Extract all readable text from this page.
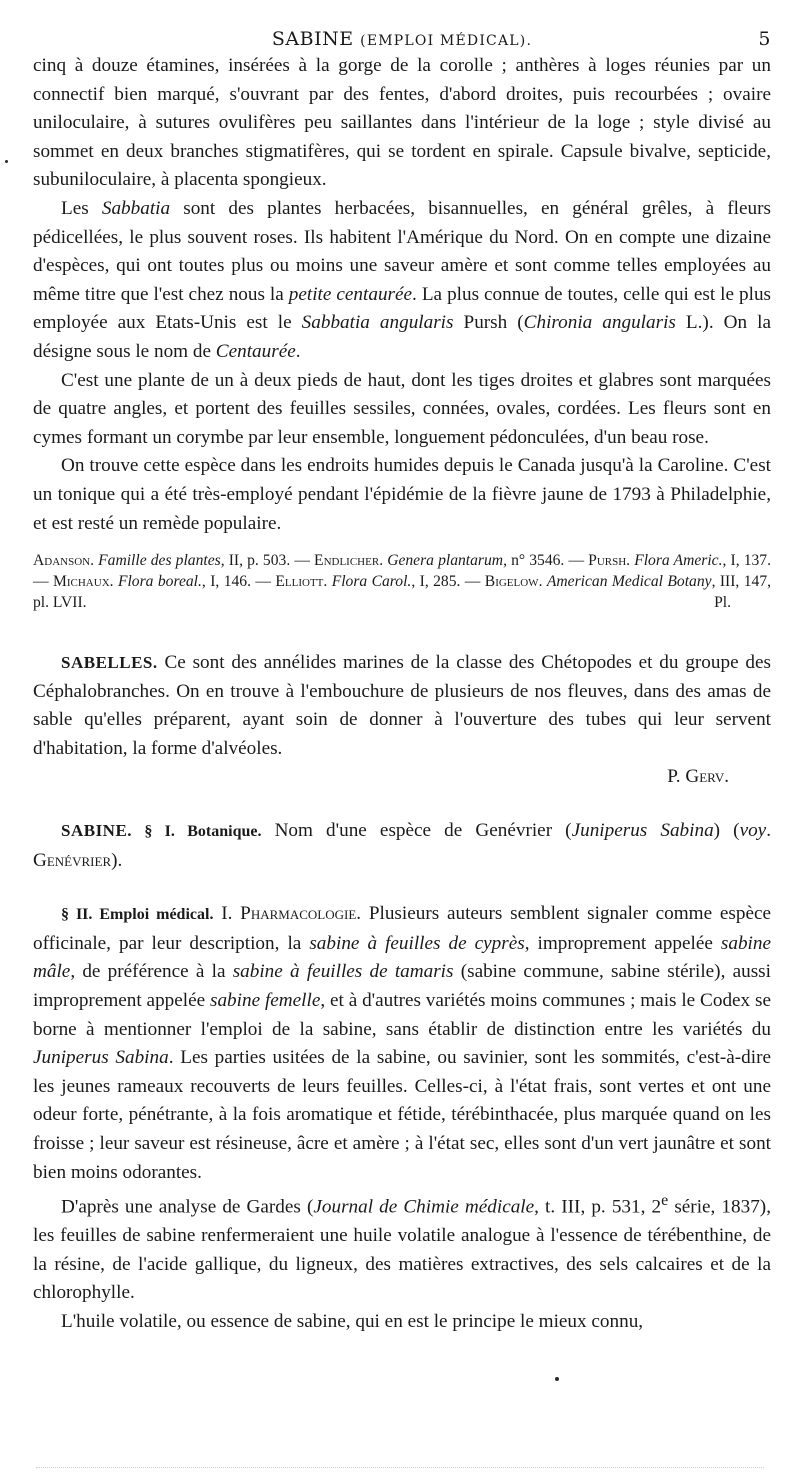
SABINE (EMPLOI MÉDICAL).	5

cinq à douze étamines, insérées à la gorge de la corolle ; anthères à loges réunies par un connectif bien marqué, s'ouvrant par des fentes, d'abord droites, puis recourbées ; ovaire uniloculaire, à sutures ovulifères peu saillantes dans l'intérieur de la loge ; style divisé au sommet en deux branches stigmatifères, qui se tordent en spirale. Capsule bivalve, septicide, subuniloculaire, à placenta spongieux.

Les Sabbatia sont des plantes herbacées, bisannuelles, en général grêles, à fleurs pédicellées, le plus souvent roses. Ils habitent l'Amérique du Nord. On en compte une dizaine d'espèces, qui ont toutes plus ou moins une saveur amère et sont comme telles employées au même titre que l'est chez nous la petite centaurée. La plus connue de toutes, celle qui est le plus employée aux Etats-Unis est le Sabbatia angularis Pursh (Chironia angularis L.). On la désigne sous le nom de Centaurée.

C'est une plante de un à deux pieds de haut, dont les tiges droites et glabres sont marquées de quatre angles, et portent des feuilles sessiles, connées, ovales, cordées. Les fleurs sont en cymes formant un corymbe par leur ensemble, longuement pédonculées, d'un beau rose.

On trouve cette espèce dans les endroits humides depuis le Canada jusqu'à la Caroline. C'est un tonique qui a été très-employé pendant l'épidémie de la fièvre jaune de 1793 à Philadelphie, et est resté un remède populaire.

Adanson. Famille des plantes, II, p. 503. — Endlicher. Genera plantarum, n° 3546. — Pursh. Flora Americ., I, 137. — Michaux. Flora boreal., I, 146. — Elliott. Flora Carol., I, 285. — Bigelow. American Medical Botany, III, 147, pl. LVII.	Pl.

SABELLES. Ce sont des annélides marines de la classe des Chétopodes et du groupe des Céphalobranches. On en trouve à l'embouchure de plusieurs de nos fleuves, dans des amas de sable qu'elles préparent, ayant soin de donner à l'ouverture des tubes qui leur servent d'habitation, la forme d'alvéoles.

P. Gerv.

SABINE. § I. Botanique. Nom d'une espèce de Genévrier (Juniperus Sabina) (voy. Genévrier).

§ II. Emploi médical. I. Pharmacologie. Plusieurs auteurs semblent signaler comme espèce officinale, par leur description, la sabine à feuilles de cyprès, improprement appelée sabine mâle, de préférence à la sabine à feuilles de tamaris (sabine commune, sabine stérile), aussi improprement appelée sabine femelle, et à d'autres variétés moins communes ; mais le Codex se borne à mentionner l'emploi de la sabine, sans établir de distinction entre les variétés du Juniperus Sabina. Les parties usitées de la sabine, ou savinier, sont les sommités, c'est-à-dire les jeunes rameaux recouverts de leurs feuilles. Celles-ci, à l'état frais, sont vertes et ont une odeur forte, pénétrante, à la fois aromatique et fétide, térébinthacée, plus marquée quand on les froisse ; leur saveur est résineuse, âcre et amère ; à l'état sec, elles sont d'un vert jaunâtre et sont bien moins odorantes.

D'après une analyse de Gardes (Journal de Chimie médicale, t. III, p. 531, 2e série, 1837), les feuilles de sabine renfermeraient une huile volatile analogue à l'essence de térébenthine, de la résine, de l'acide gallique, du ligneux, des matières extractives, des sels calcaires et de la chlorophylle.

L'huile volatile, ou essence de sabine, qui en est le principe le mieux connu,
